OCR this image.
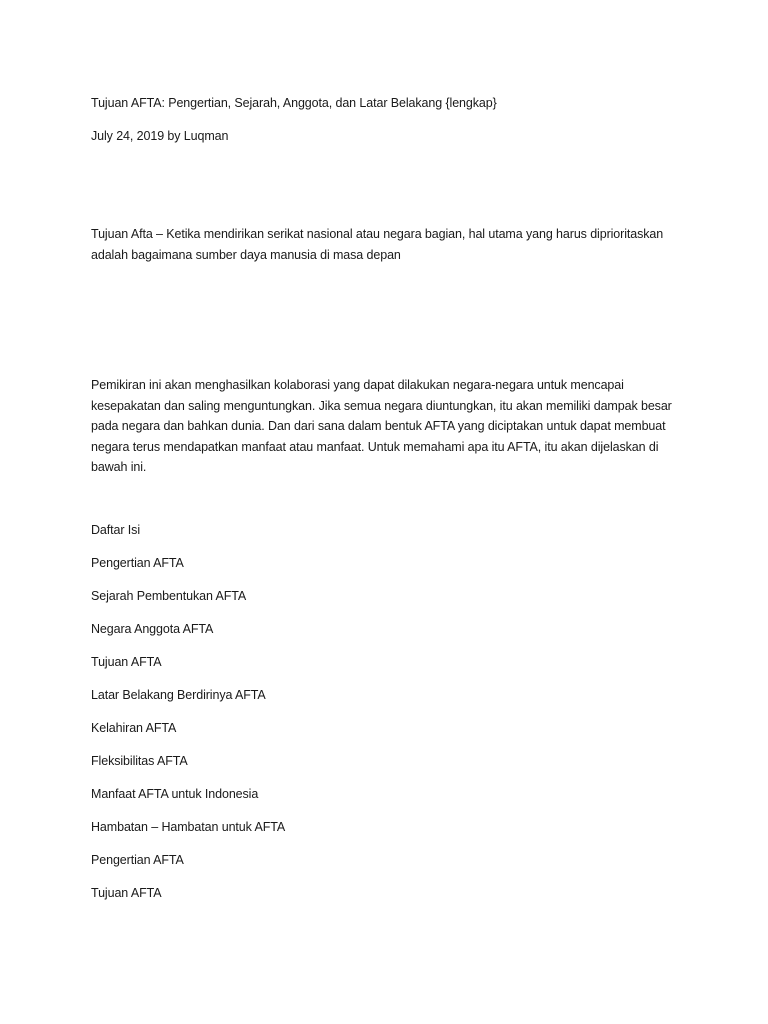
Tujuan AFTA: Pengertian, Sejarah, Anggota, dan Latar Belakang {lengkap}

July 24, 2019 by Luqman

Tujuan Afta – Ketika mendirikan serikat nasional atau negara bagian, hal utama yang harus diprioritaskan adalah bagaimana sumber daya manusia di masa depan

Pemikiran ini akan menghasilkan kolaborasi yang dapat dilakukan negara-negara untuk mencapai kesepakatan dan saling menguntungkan. Jika semua negara diuntungkan, itu akan memiliki dampak besar pada negara dan bahkan dunia. Dan dari sana dalam bentuk AFTA yang diciptakan untuk dapat membuat negara terus mendapatkan manfaat atau manfaat. Untuk memahami apa itu AFTA, itu akan dijelaskan di bawah ini.

Daftar Isi
Pengertian AFTA
Sejarah Pembentukan AFTA
Negara Anggota AFTA
Tujuan AFTA
Latar Belakang Berdirinya AFTA
Kelahiran AFTA
Fleksibilitas AFTA
Manfaat AFTA untuk Indonesia
Hambatan – Hambatan untuk AFTA
Pengertian AFTA
Tujuan AFTA
